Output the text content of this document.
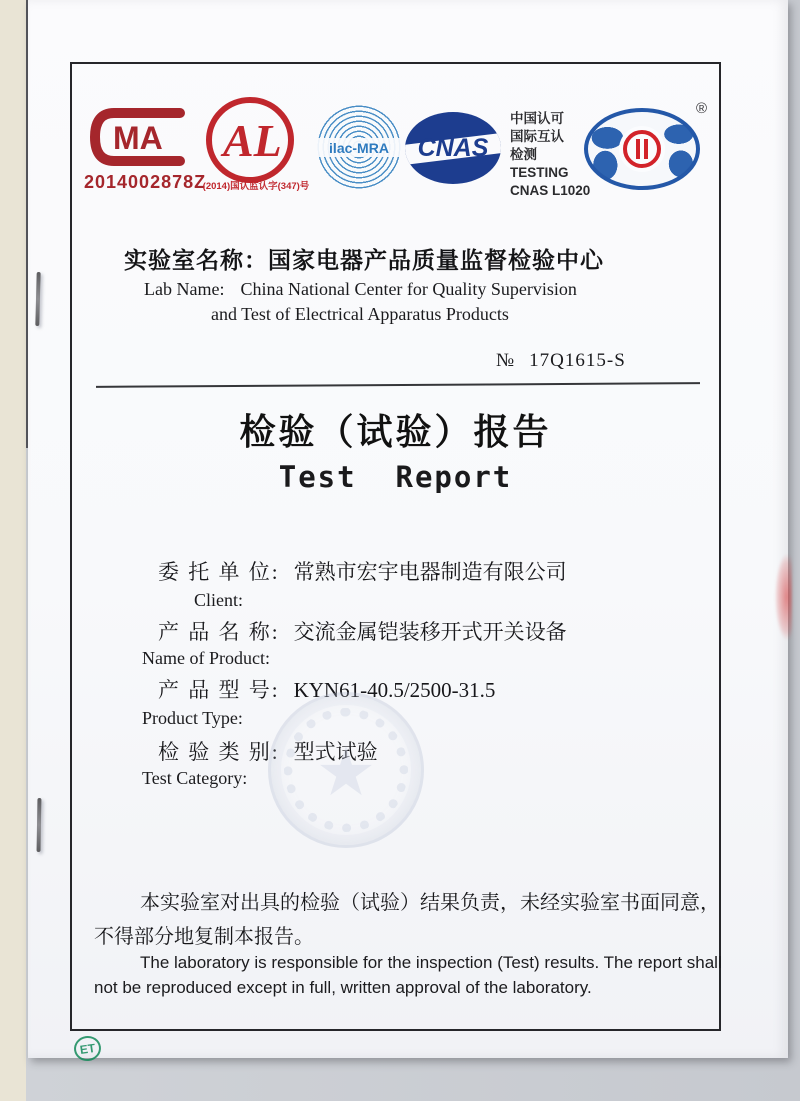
MA
2014002878Z
AL
(2014)国认监认字(347)号
ilac-MRA	CNAS
中国认可
国际互认
检测
TESTING
CNAS L1020
®
实验室名称：国家电器产品质量监督检验中心
Lab Name: China National Center for Quality Supervision
and Test of Electrical Apparatus Products
№ 17Q1615-S
检验（试验）报告
Test  Report
委 托 单 位: 常熟市宏宇电器制造有限公司
Client:
产 品 名 称: 交流金属铠装移开式开关设备
Name of Product:
产 品 型 号: KYN61-40.5/2500-31.5
Product Type:
检 验 类 别: 型式试验
Test Category:
本实验室对出具的检验（试验）结果负责，未经实验室书面同意，
不得部分地复制本报告。
The laboratory is responsible for the inspection (Test) results. The report shall not be reproduced except in full, written approval of the laboratory.
ET
